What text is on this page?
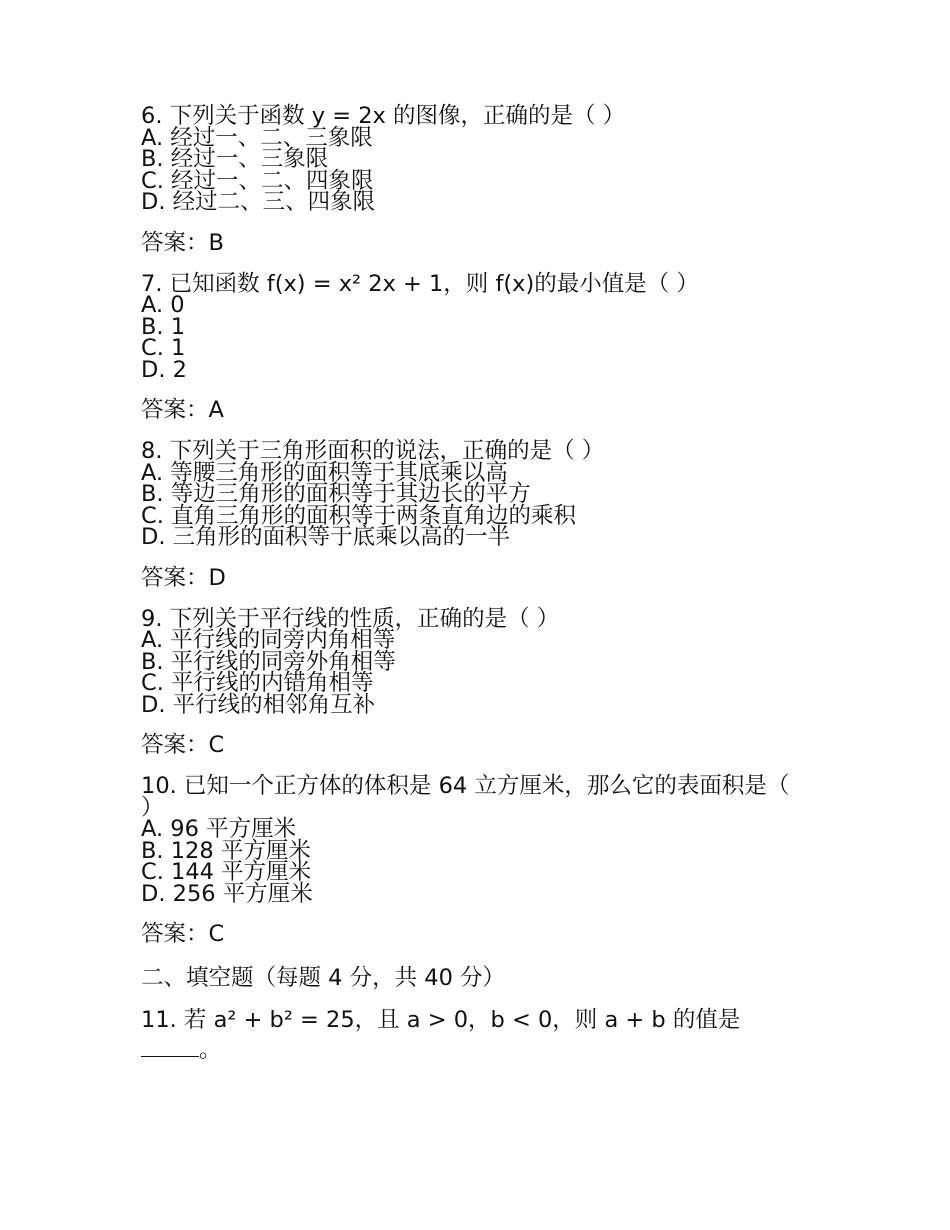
6. 下列关于函数 y = 2x 的图像，正确的是（ ）

A. 经过一、二、三象限

B. 经过一、三象限

C. 经过一、二、四象限

D. 经过二、三、四象限

答案：B

7. 已知函数 f(x) = x² 2x + 1，则 f(x)的最小值是（ ）

A. 0

B. 1

C. 1

D. 2

答案：A

8. 下列关于三角形面积的说法，正确的是（ ）

A. 等腰三角形的面积等于其底乘以高

B. 等边三角形的面积等于其边长的平方

C. 直角三角形的面积等于两条直角边的乘积

D. 三角形的面积等于底乘以高的一半

答案：D

9. 下列关于平行线的性质，正确的是（ ）

A. 平行线的同旁内角相等

B. 平行线的同旁外角相等

C. 平行线的内错角相等

D. 平行线的相邻角互补

答案：C

10. 已知一个正方体的体积是 64 立方厘米，那么它的表面积是（ ）

A. 96 平方厘米

B. 128 平方厘米

C. 144 平方厘米

D. 256 平方厘米

答案：C

二、填空题（每题 4 分，共 40 分）

11. 若 a² + b² = 25，且 a > 0，b < 0，则 a + b 的值是
。
